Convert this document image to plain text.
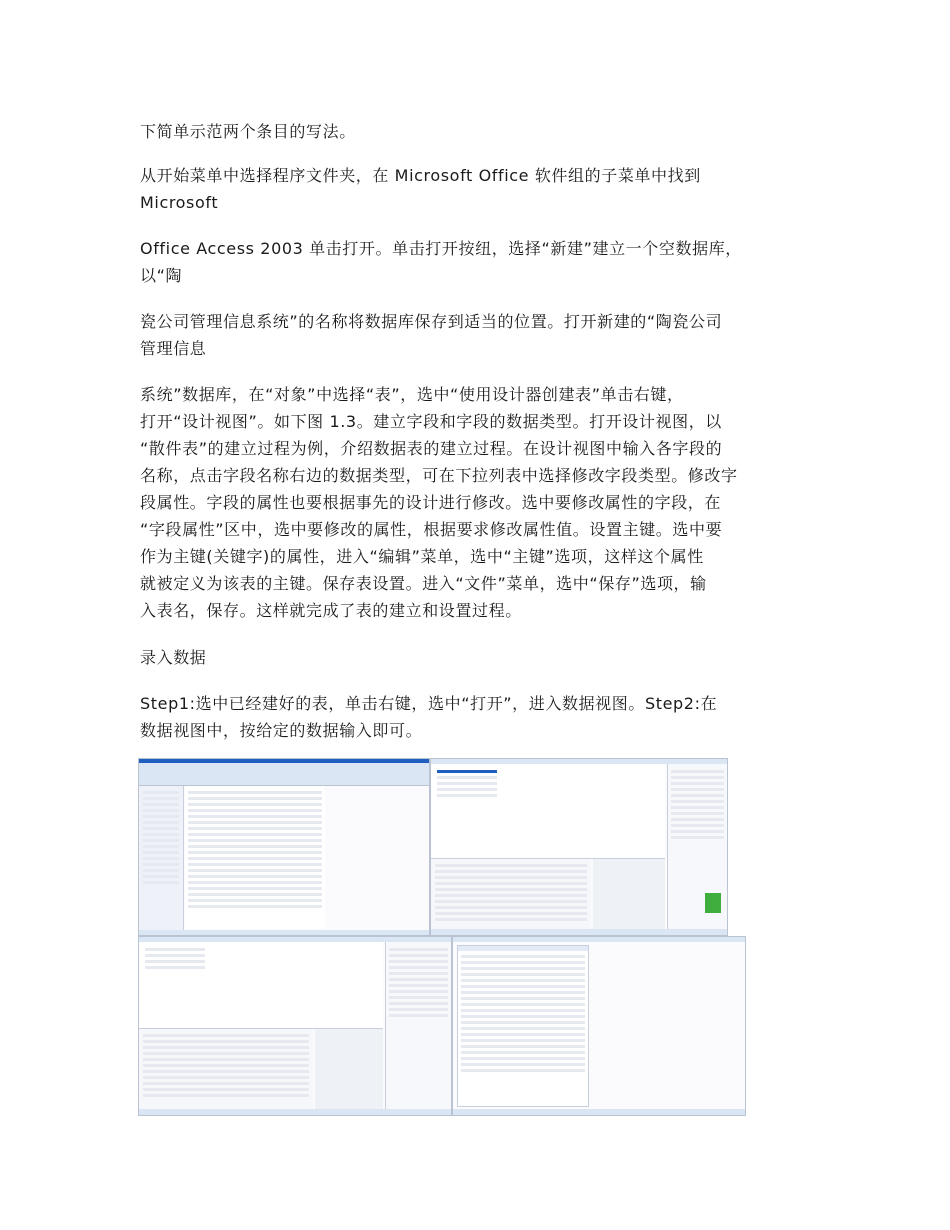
下简单示范两个条目的写法。

从开始菜单中选择程序文件夹，在 Microsoft Office 软件组的子菜单中找到
Microsoft

Office Access 2003 单击打开。单击打开按纽，选择“新建”建立一个空数据库，
以“陶

瓷公司管理信息系统”的名称将数据库保存到适当的位置。打开新建的“陶瓷公司
管理信息

系统”数据库，在“对象”中选择“表”，选中“使用设计器创建表”单击右键，
打开“设计视图”。如下图 1.3。建立字段和字段的数据类型。打开设计视图，以
“散件表”的建立过程为例，介绍数据表的建立过程。在设计视图中输入各字段的
名称，点击字段名称右边的数据类型，可在下拉列表中选择修改字段类型。修改字
段属性。字段的属性也要根据事先的设计进行修改。选中要修改属性的字段，在
“字段属性”区中，选中要修改的属性，根据要求修改属性值。设置主键。选中要
作为主键(关键字)的属性，进入“编辑”菜单，选中“主键”选项，这样这个属性
就被定义为该表的主键。保存表设置。进入“文件”菜单，选中“保存”选项，输
入表名，保存。这样就完成了表的建立和设置过程。

录入数据

Step1:选中已经建好的表，单击右键，选中“打开”，进入数据视图。Step2:在
数据视图中，按给定的数据输入即可。
